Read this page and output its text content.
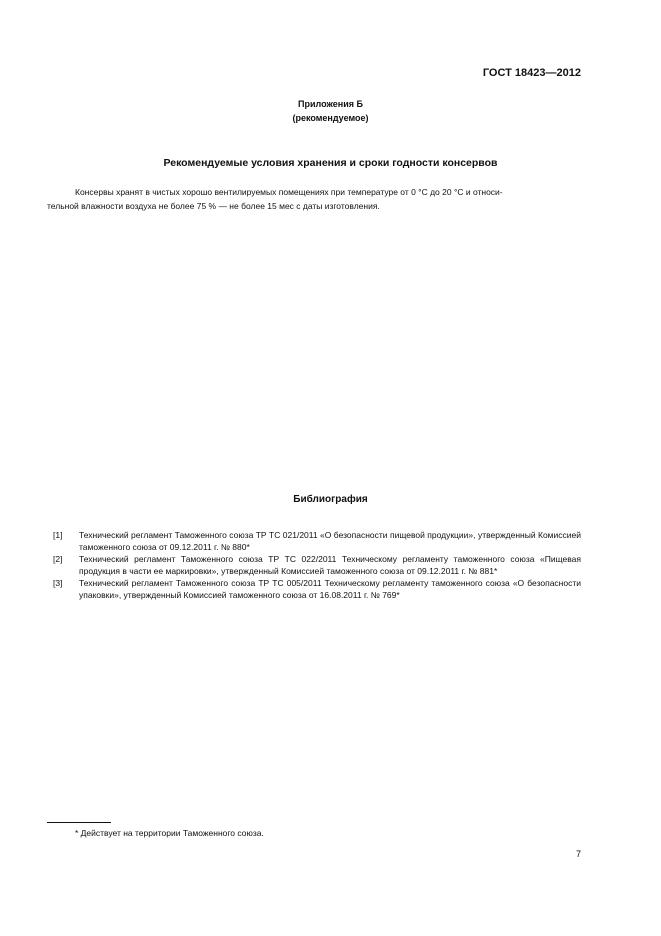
ГОСТ 18423—2012
Приложения Б
(рекомендуемое)
Рекомендуемые условия хранения и сроки годности консервов
Консервы хранят в чистых хорошо вентилируемых помещениях при температуре от 0 °С до 20 °С и относи-
тельной влажности воздуха не более 75 % — не более 15 мес с даты изготовления.
Библиография
[1]	Технический регламент Таможенного союза ТР ТС 021/2011 «О безопасности пищевой продукции», утвержденный Комиссией таможенного союза от 09.12.2011 г. № 880*
[2]	Технический регламент Таможенного союза ТР ТС 022/2011 Техническому регламенту таможенного союза «Пищевая продукция в части ее маркировки», утвержденный Комиссией таможенного союза от 09.12.2011 г. № 881*
[3]	Технический регламент Таможенного союза ТР ТС 005/2011 Техническому регламенту таможенного союза «О безопасности упаковки», утвержденный Комиссией таможенного союза от 16.08.2011 г. № 769*
* Действует на территории Таможенного союза.
7
